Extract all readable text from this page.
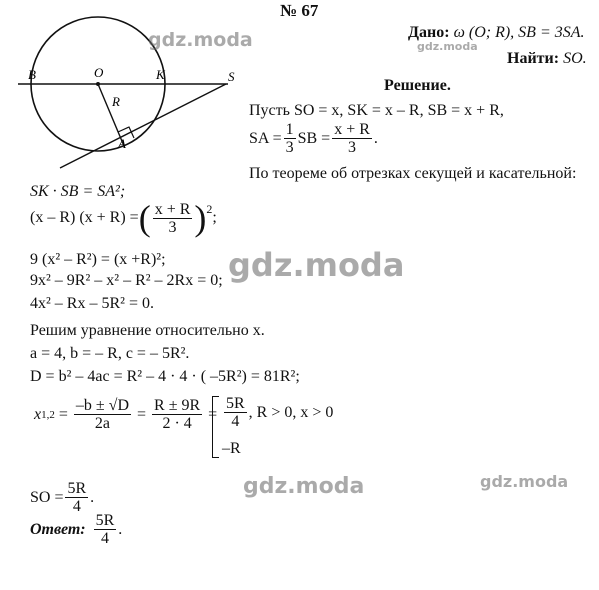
B	O	K	S
R
A
gdz.moda	gdz.moda
gdz.moda
gdz.moda	gdz.moda
№ 67
Дано: ω (O; R), SB = 3SA.
Найти: SO.
Решение.
Пусть SO = x, SK = x – R, SB = x + R,
SA = $\frac{1}{3}$ SB = $\frac{x + R}{3}$ .
По теореме об отрезках секущей и касательной:
SK · SB = SA²;
(x – R) (x + R) = ( $\frac{x + R}{3}$ ) 2 ;
9 (x² – R²) = (x +R)²;
9x² – 9R² – x² – R² – 2Rx = 0;
4x² – Rx – 5R² = 0.
Решим уравнение относительно x.
a = 4, b = – R, c = – 5R².
D = b² – 4ac = R² – 4 · 4 · ( –5R²) = 81R²;
x $1,2 = \frac{-b \pm √D}{2a} = \frac{R \pm 9R}{2 \cdot 4} = \frac{5R}{4}$ , R > 0, x > 0
–R
SO = $\frac{5R}{4}$ .
Ответ: $\frac{5R}{4}$ .
